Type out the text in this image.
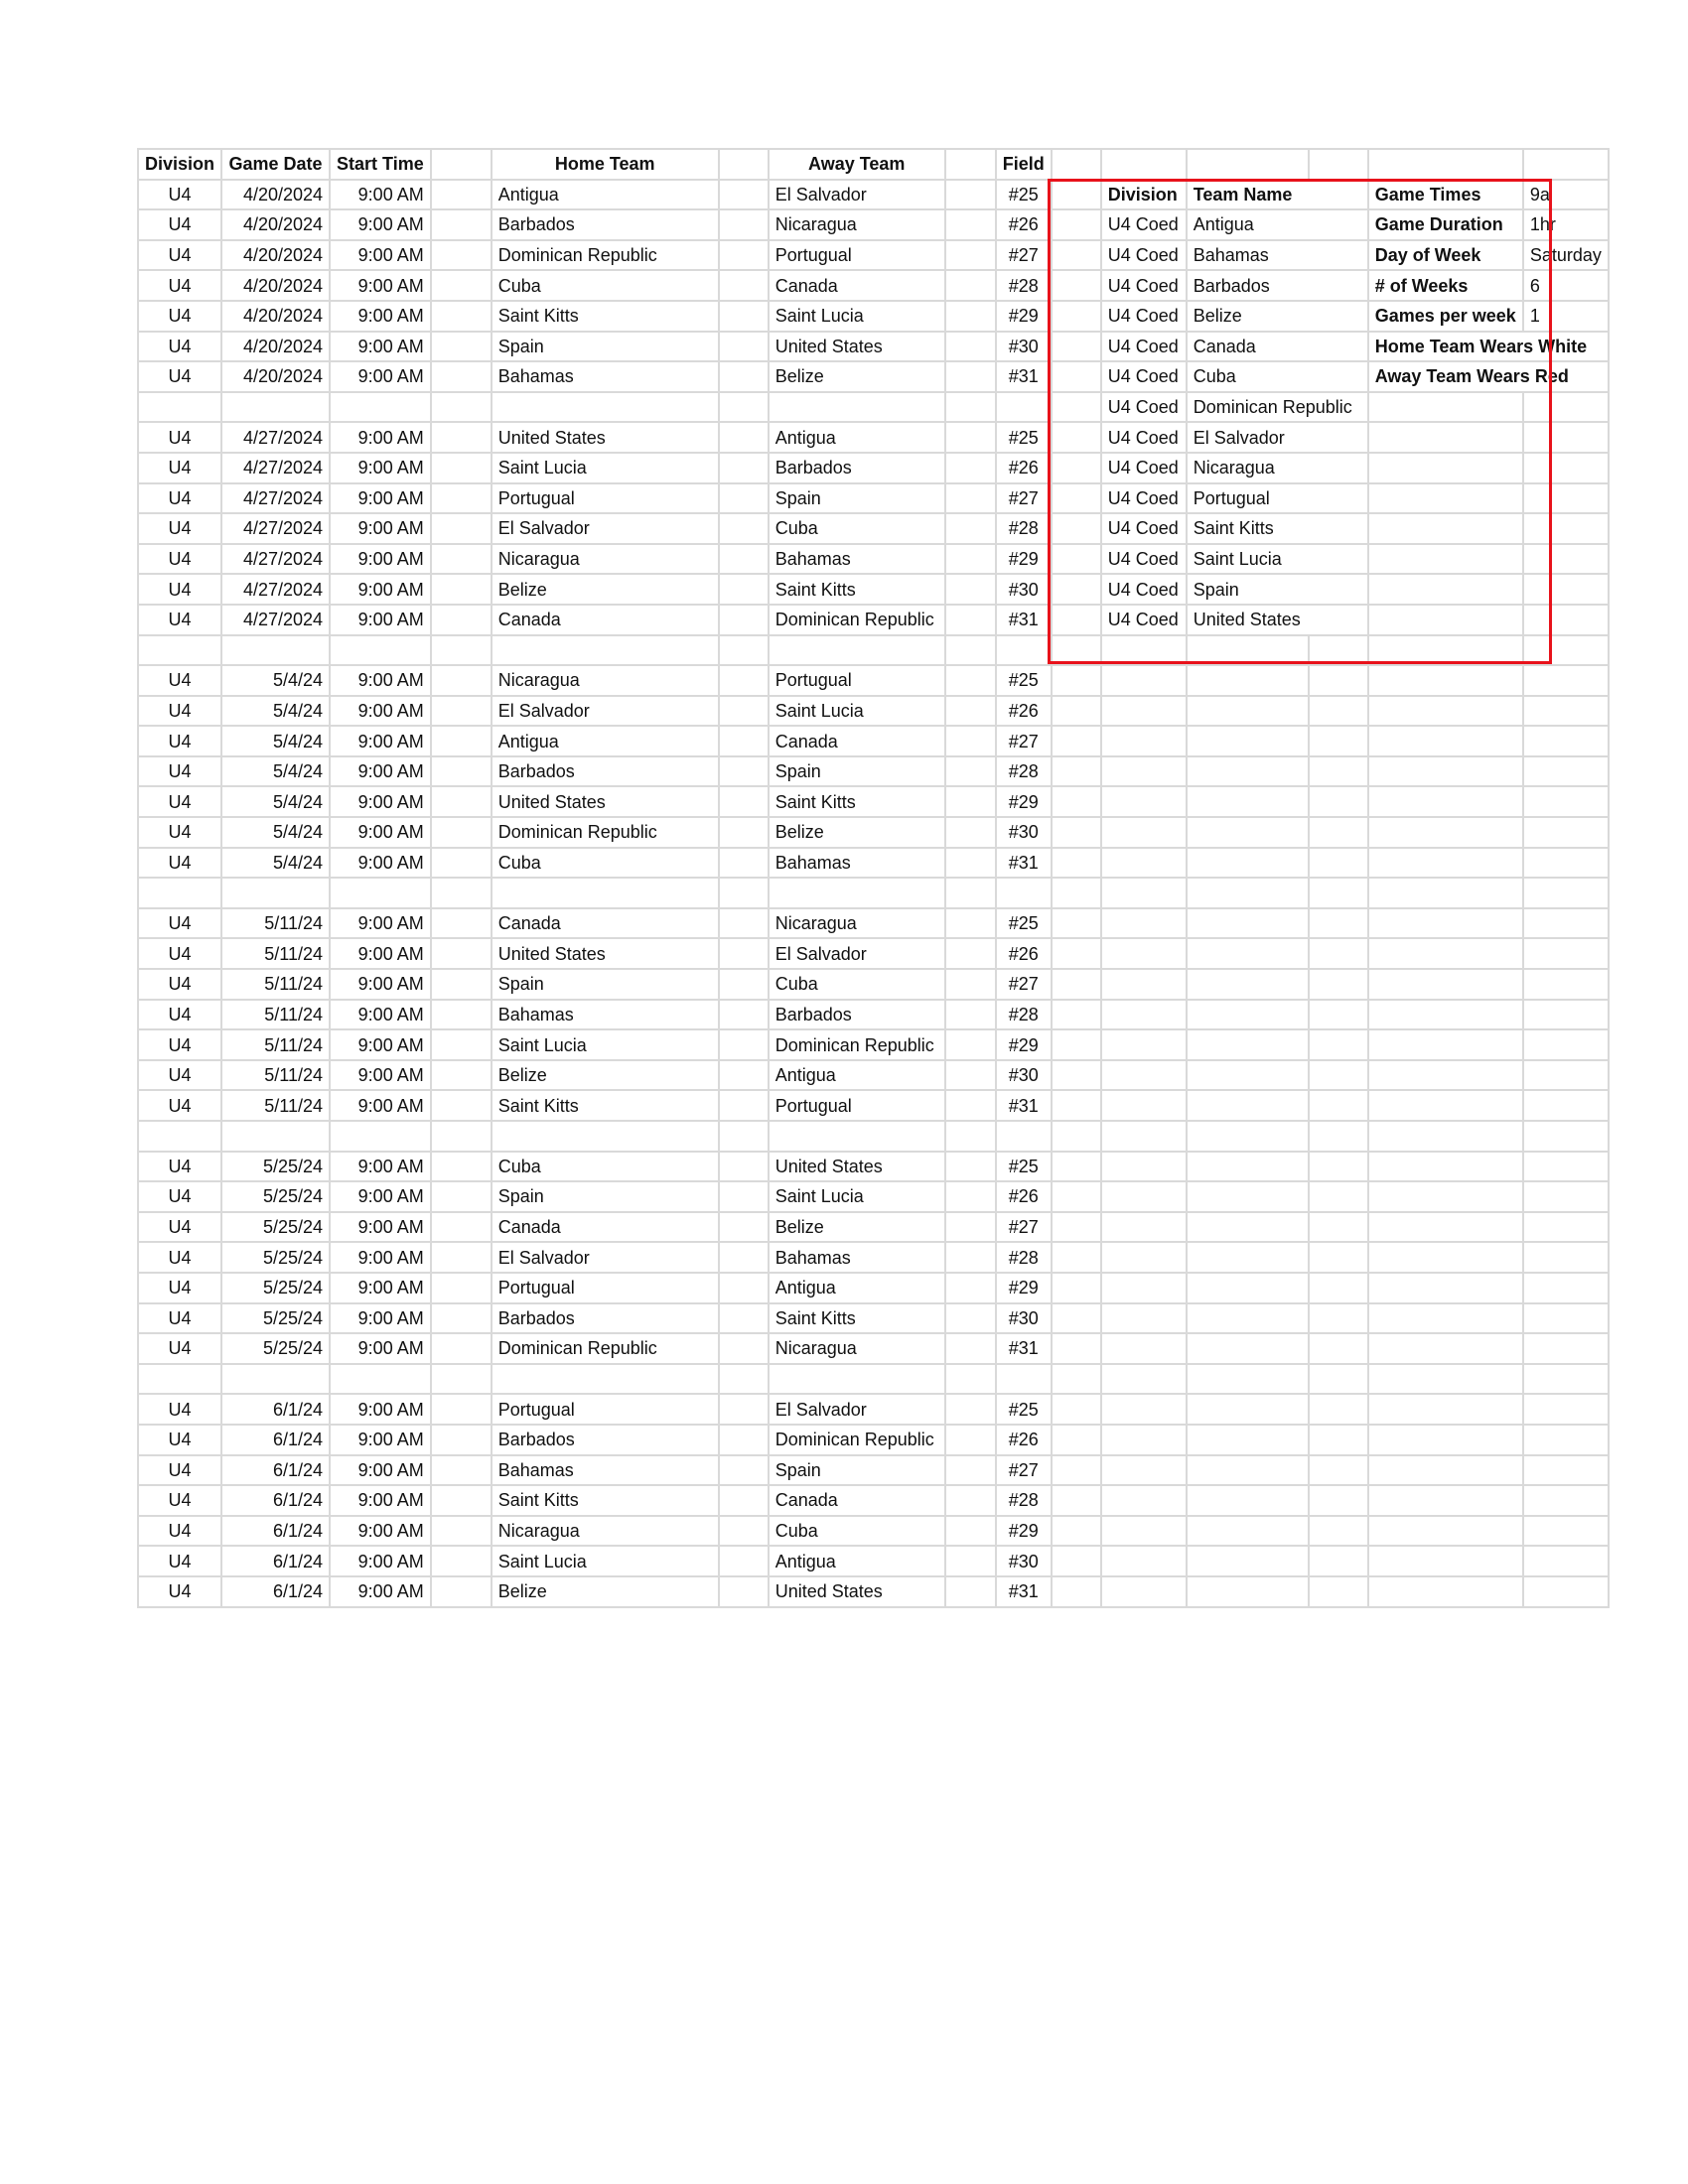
Division	Game Date	Start Time		Home Team		Away Team		Field						
U4	4/20/2024	9:00 AM		Antigua		El Salvador		#25		Division	Team Name		Game Times	9a
U4	4/20/2024	9:00 AM		Barbados		Nicaragua		#26		U4 Coed	Antigua		Game Duration	1hr
U4	4/20/2024	9:00 AM		Dominican Republic		Portugual		#27		U4 Coed	Bahamas		Day of Week	Saturday
U4	4/20/2024	9:00 AM		Cuba		Canada		#28		U4 Coed	Barbados		# of Weeks	6
U4	4/20/2024	9:00 AM		Saint Kitts		Saint Lucia		#29		U4 Coed	Belize		Games per week	1
U4	4/20/2024	9:00 AM		Spain		United States		#30		U4 Coed	Canada		Home Team Wears White	
U4	4/20/2024	9:00 AM		Bahamas		Belize		#31		U4 Coed	Cuba		Away Team Wears Red	
										U4 Coed	Dominican Republic			
U4	4/27/2024	9:00 AM		United States		Antigua		#25		U4 Coed	El Salvador			
U4	4/27/2024	9:00 AM		Saint Lucia		Barbados		#26		U4 Coed	Nicaragua			
U4	4/27/2024	9:00 AM		Portugual		Spain		#27		U4 Coed	Portugual			
U4	4/27/2024	9:00 AM		El Salvador		Cuba		#28		U4 Coed	Saint Kitts			
U4	4/27/2024	9:00 AM		Nicaragua		Bahamas		#29		U4 Coed	Saint Lucia			
U4	4/27/2024	9:00 AM		Belize		Saint Kitts		#30		U4 Coed	Spain			
U4	4/27/2024	9:00 AM		Canada		Dominican Republic		#31		U4 Coed	United States			

U4	5/4/24	9:00 AM		Nicaragua		Portugual		#25						
U4	5/4/24	9:00 AM		El Salvador		Saint Lucia		#26						
U4	5/4/24	9:00 AM		Antigua		Canada		#27						
U4	5/4/24	9:00 AM		Barbados		Spain		#28						
U4	5/4/24	9:00 AM		United States		Saint Kitts		#29						
U4	5/4/24	9:00 AM		Dominican Republic		Belize		#30						
U4	5/4/24	9:00 AM		Cuba		Bahamas		#31						

U4	5/11/24	9:00 AM		Canada		Nicaragua		#25						
U4	5/11/24	9:00 AM		United States		El Salvador		#26						
U4	5/11/24	9:00 AM		Spain		Cuba		#27						
U4	5/11/24	9:00 AM		Bahamas		Barbados		#28						
U4	5/11/24	9:00 AM		Saint Lucia		Dominican Republic		#29						
U4	5/11/24	9:00 AM		Belize		Antigua		#30						
U4	5/11/24	9:00 AM		Saint Kitts		Portugual		#31						

U4	5/25/24	9:00 AM		Cuba		United States		#25						
U4	5/25/24	9:00 AM		Spain		Saint Lucia		#26						
U4	5/25/24	9:00 AM		Canada		Belize		#27						
U4	5/25/24	9:00 AM		El Salvador		Bahamas		#28						
U4	5/25/24	9:00 AM		Portugual		Antigua		#29						
U4	5/25/24	9:00 AM		Barbados		Saint Kitts		#30						
U4	5/25/24	9:00 AM		Dominican Republic		Nicaragua		#31						

U4	6/1/24	9:00 AM		Portugual		El Salvador		#25						
U4	6/1/24	9:00 AM		Barbados		Dominican Republic		#26						
U4	6/1/24	9:00 AM		Bahamas		Spain		#27						
U4	6/1/24	9:00 AM		Saint Kitts		Canada		#28						
U4	6/1/24	9:00 AM		Nicaragua		Cuba		#29						
U4	6/1/24	9:00 AM		Saint Lucia		Antigua		#30						
U4	6/1/24	9:00 AM		Belize		United States		#31						
